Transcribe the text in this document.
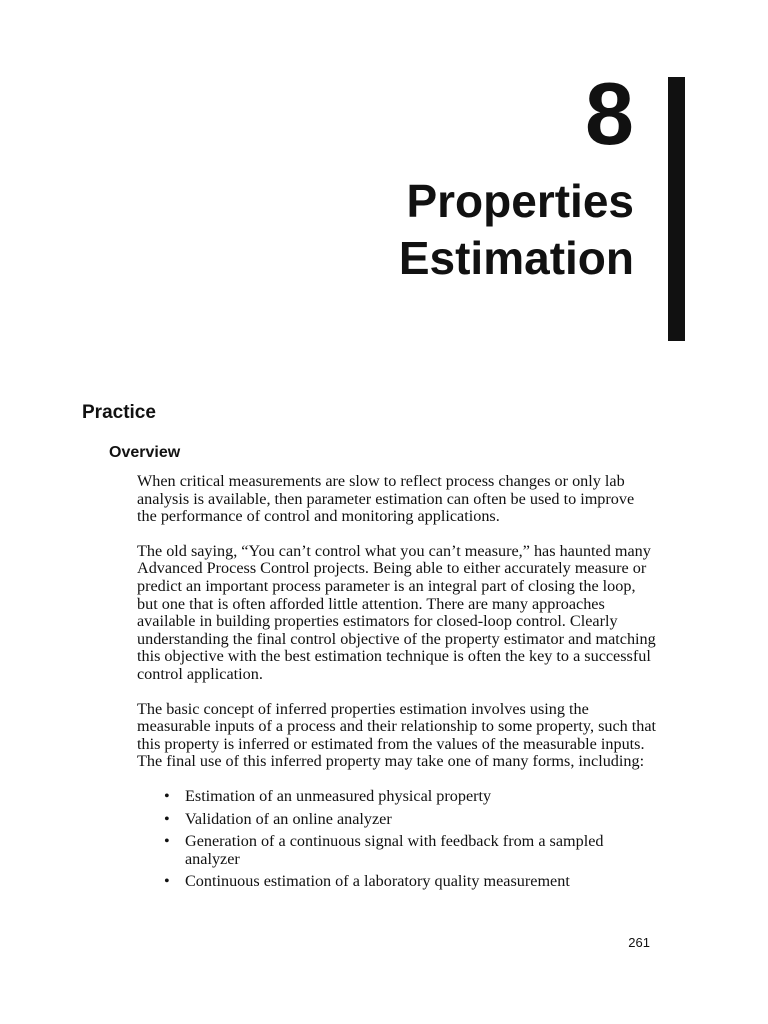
8
Properties
Estimation
Practice
Overview

When critical measurements are slow to reflect process changes or only lab analysis is available, then parameter estimation can often be used to improve the performance of control and monitoring applications.

The old saying, “You can’t control what you can’t measure,” has haunted many Advanced Process Control projects. Being able to either accurately measure or predict an important process parameter is an integral part of closing the loop, but one that is often afforded little attention. There are many approaches available in building properties estimators for closed-loop control. Clearly understanding the final control objective of the property estimator and matching this objective with the best estimation technique is often the key to a successful control application.

The basic concept of inferred properties estimation involves using the measurable inputs of a process and their relationship to some property, such that this property is inferred or estimated from the values of the measurable inputs. The final use of this inferred property may take one of many forms, including:

• Estimation of an unmeasured physical property
• Validation of an online analyzer
• Generation of a continuous signal with feedback from a sampled analyzer
• Continuous estimation of a laboratory quality measurement
261
